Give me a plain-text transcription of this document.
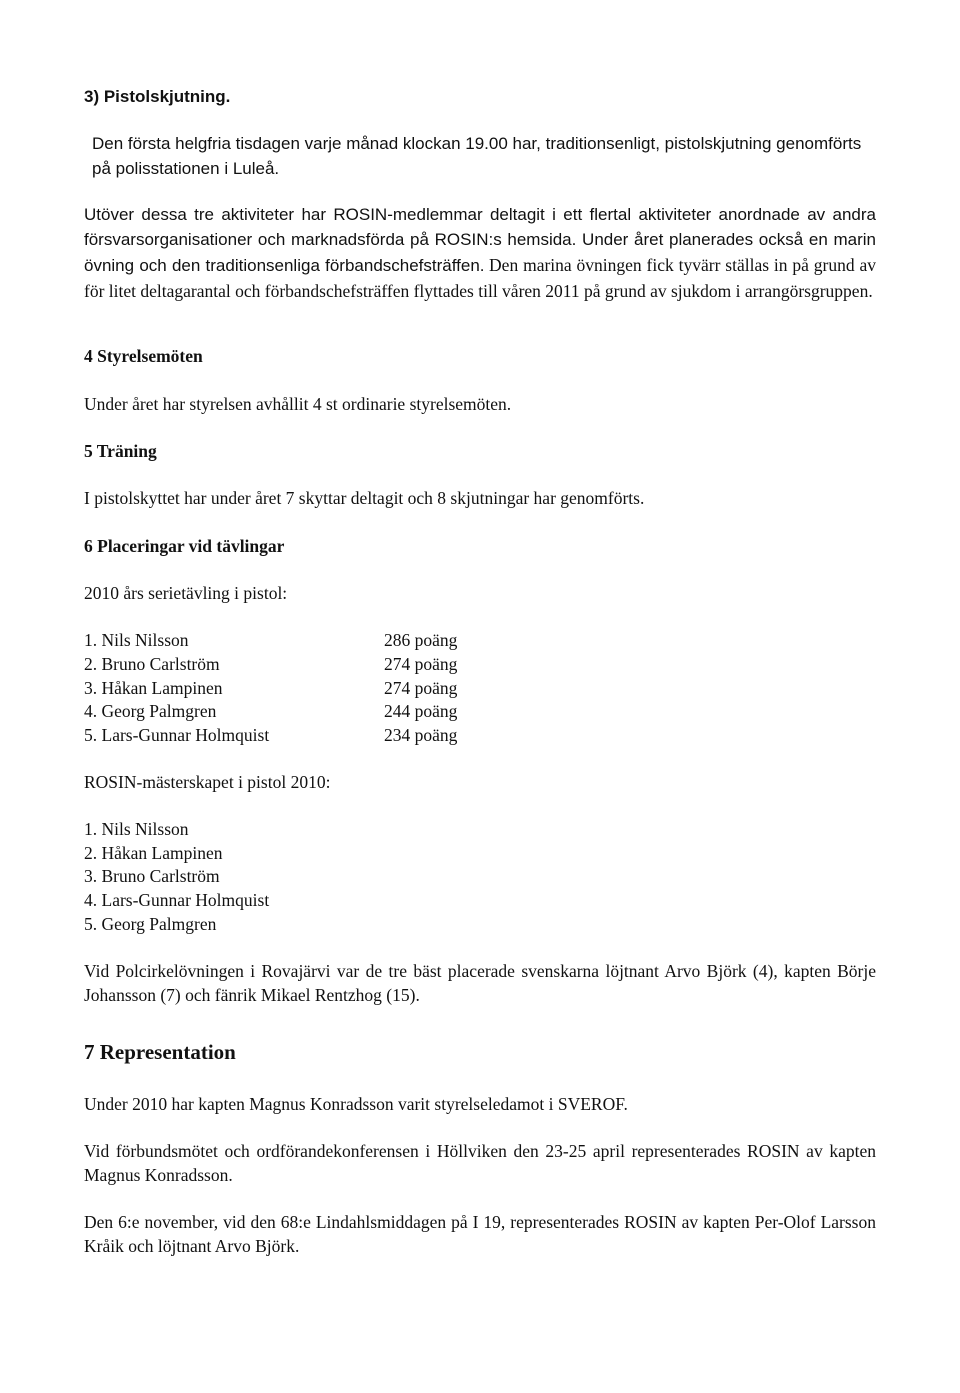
3) Pistolskjutning.
Den första helgfria tisdagen varje månad klockan 19.00 har, traditionsenligt, pistolskjutning genomförts på polisstationen i Luleå.
Utöver dessa tre aktiviteter har ROSIN-medlemmar deltagit i ett flertal aktiviteter anordnade av andra försvarsorganisationer och marknadsförda på ROSIN:s hemsida. Under året planerades också en marin övning och den traditionsenliga förbandschefsträffen. Den marina övningen fick tyvärr ställas in på grund av för litet deltagarantal och förbandschefsträffen flyttades till våren 2011 på grund av sjukdom i arrangörsgruppen.
4 Styrelsemöten
Under året har styrelsen avhållit 4 st ordinarie styrelsemöten.
5 Träning
I pistolskyttet har under året 7 skyttar deltagit och 8 skjutningar har genomförts.
6 Placeringar vid tävlingar
2010 års serietävling i pistol:
1. Nils Nilsson	286 poäng
2. Bruno Carlström	274 poäng
3. Håkan Lampinen	274 poäng
4. Georg Palmgren	244 poäng
5. Lars-Gunnar Holmquist	234 poäng
ROSIN-mästerskapet i pistol 2010:
1. Nils Nilsson
2. Håkan Lampinen
3. Bruno Carlström
4. Lars-Gunnar Holmquist
5. Georg Palmgren
Vid Polcirkelövningen i Rovajärvi var de tre bäst placerade svenskarna löjtnant Arvo Björk (4), kapten Börje Johansson (7) och fänrik Mikael Rentzhog (15).
7 Representation
Under 2010 har kapten Magnus Konradsson varit styrelseledamot i SVEROF.
Vid förbundsmötet och ordförandekonferensen i Höllviken den 23-25 april representerades ROSIN av kapten Magnus Konradsson.
Den 6:e november, vid den 68:e Lindahlsmiddagen på I 19, representerades ROSIN av kapten Per-Olof Larsson Kråik och löjtnant Arvo Björk.
